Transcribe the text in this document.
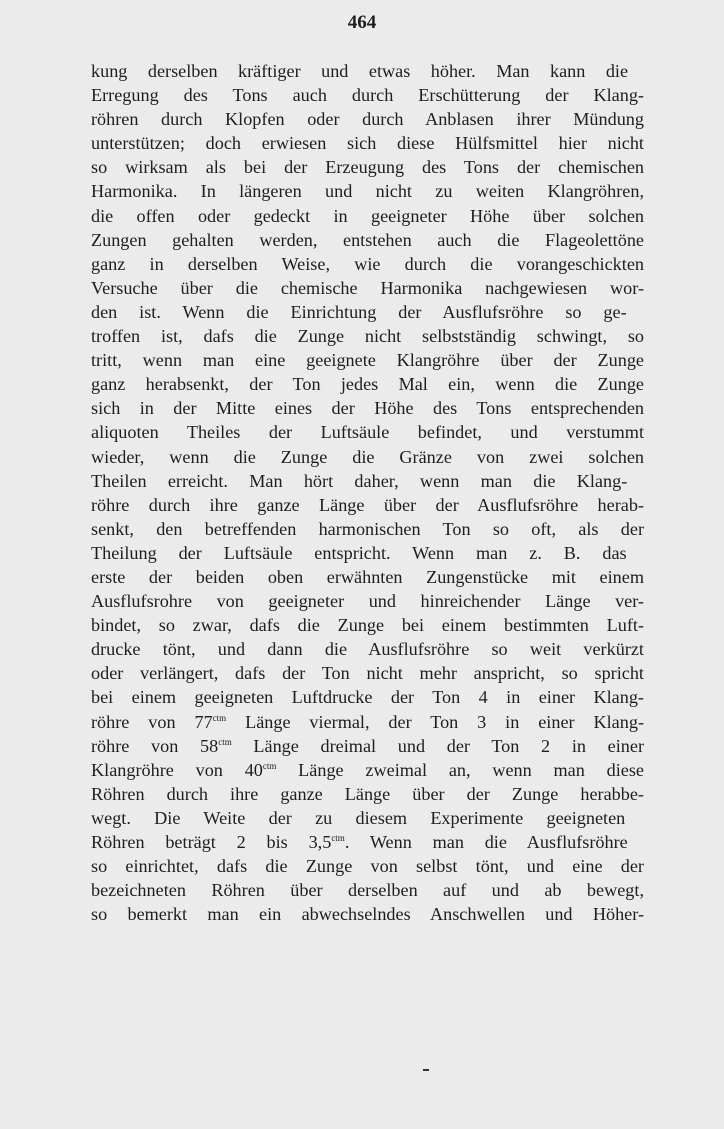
464
kung derselben kräftiger und etwas höher. Man kann die
Erregung des Tons auch durch Erschütterung der Klang-
röhren durch Klopfen oder durch Anblasen ihrer Mündung
unterstützen; doch erwiesen sich diese Hülfsmittel hier nicht
so wirksam als bei der Erzeugung des Tons der chemischen
Harmonika. In längeren und nicht zu weiten Klangröhren,
die offen oder gedeckt in geeigneter Höhe über solchen
Zungen gehalten werden, entstehen auch die Flageolettöne
ganz in derselben Weise, wie durch die vorangeschickten
Versuche über die chemische Harmonika nachgewiesen wor-
den ist. Wenn die Einrichtung der Ausflufsröhre so ge-
troffen ist, dafs die Zunge nicht selbstständig schwingt, so
tritt, wenn man eine geeignete Klangröhre über der Zunge
ganz herabsenkt, der Ton jedes Mal ein, wenn die Zunge
sich in der Mitte eines der Höhe des Tons entsprechenden
aliquoten Theiles der Luftsäule befindet, und verstummt
wieder, wenn die Zunge die Gränze von zwei solchen
Theilen erreicht. Man hört daher, wenn man die Klang-
röhre durch ihre ganze Länge über der Ausflufsröhre herab-
senkt, den betreffenden harmonischen Ton so oft, als der
Theilung der Luftsäule entspricht. Wenn man z. B. das
erste der beiden oben erwähnten Zungenstücke mit einem
Ausflufsrohre von geeigneter und hinreichender Länge ver-
bindet, so zwar, dafs die Zunge bei einem bestimmten Luft-
drucke tönt, und dann die Ausflufsröhre so weit verkürzt
oder verlängert, dafs der Ton nicht mehr anspricht, so spricht
bei einem geeigneten Luftdrucke der Ton 4 in einer Klang-
röhre von $77^{ctm}$ Länge viermal, der Ton 3 in einer Klang-
röhre von $58^{ctm}$ Länge dreimal und der Ton 2 in einer
Klangröhre von $40^{ctm}$ Länge zweimal an, wenn man diese
Röhren durch ihre ganze Länge über der Zunge herabbe-
wegt. Die Weite der zu diesem Experimente geeigneten
Röhren beträgt 2 bis $3,5^{ctm}$. Wenn man die Ausflufsröhre
so einrichtet, dafs die Zunge von selbst tönt, und eine der
bezeichneten Röhren über derselben auf und ab bewegt,
so bemerkt man ein abwechselndes Anschwellen und Höher-
